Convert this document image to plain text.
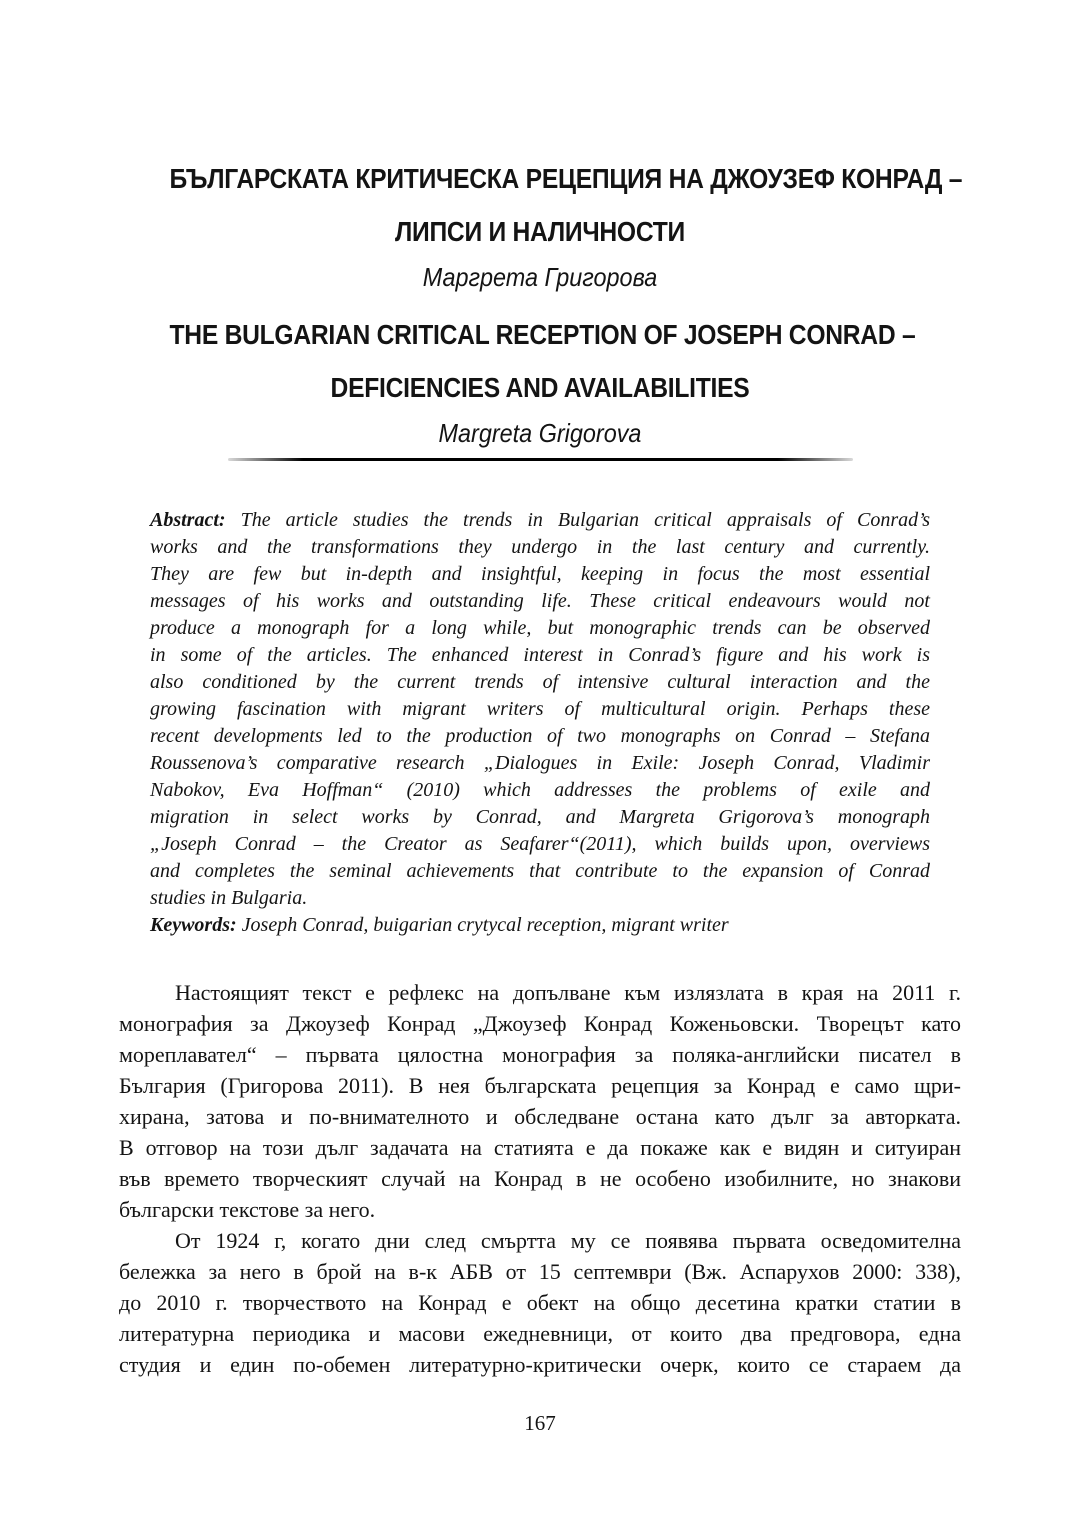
БЪЛГАРСКАТА КРИТИЧЕСКА РЕЦЕПЦИЯ НА ДЖОУЗЕФ КОНРАД –
ЛИПСИ И НАЛИЧНОСТИ
Маргрета Григорова
THE BULGARIAN CRITICAL RECEPTION OF JOSEPH CONRAD –
DEFICIENCIES AND AVAILABILITIES
Margreta Grigorova
Abstract: The article studies the trends in Bulgarian critical appraisals of Conrad’s
works and the transformations they undergo in the last century and currently.
They are few but in-depth and insightful, keeping in focus the most essential
messages of his works and outstanding life. These critical endeavours would not
produce a monograph for a long while, but monographic trends can be observed
in some of the articles. The enhanced interest in Conrad’s figure and his work is
also conditioned by the current trends of intensive cultural interaction and the
growing fascination with migrant writers of multicultural origin. Perhaps these
recent developments led to the production of two monographs on Conrad – Stefana
Roussenova’s comparative research „Dialogues in Exile: Joseph Conrad, Vladimir
Nabokov, Eva Hoffman“ (2010) which addresses the problems of exile and
migration in select works by Conrad, and Margreta Grigorova’s monograph
„Joseph Conrad – the Creator as Seafarer“(2011), which builds upon, overviews
and completes the seminal achievements that contribute to the expansion of Conrad
studies in Bulgaria.
Keywords: Joseph Conrad, buigarian crytycal reception, migrant writer
Настоящият текст е рефлекс на допълване към излязлата в края на 2011 г.
монография за Джоузеф Конрад „Джоузеф Конрад Коженьовски. Творецът като
мореплавател“ – първата цялостна монография за поляка-английски писател в
България (Григорова 2011). В нея българската рецепция за Конрад е само щри-
хирана, затова и по-внимателното и обследване остана като дълг за авторката.
В отговор на този дълг задачата на статията е да покаже как е видян и ситуиран
във времето творческият случай на Конрад в не особено изобилните, но знакови
български текстове за него.
От 1924 г, когато дни след смъртта му се появява първата осведомителна
бележка за него в брой на в-к АБВ от 15 септември (Вж. Аспарухов 2000: 338),
до 2010 г. творчеството на Конрад е обект на общо десетина кратки статии в
литературна периодика и масови ежедневници, от които два предговора, една
студия и един по-обемен литературно-критически очерк, които се стараем да
167
